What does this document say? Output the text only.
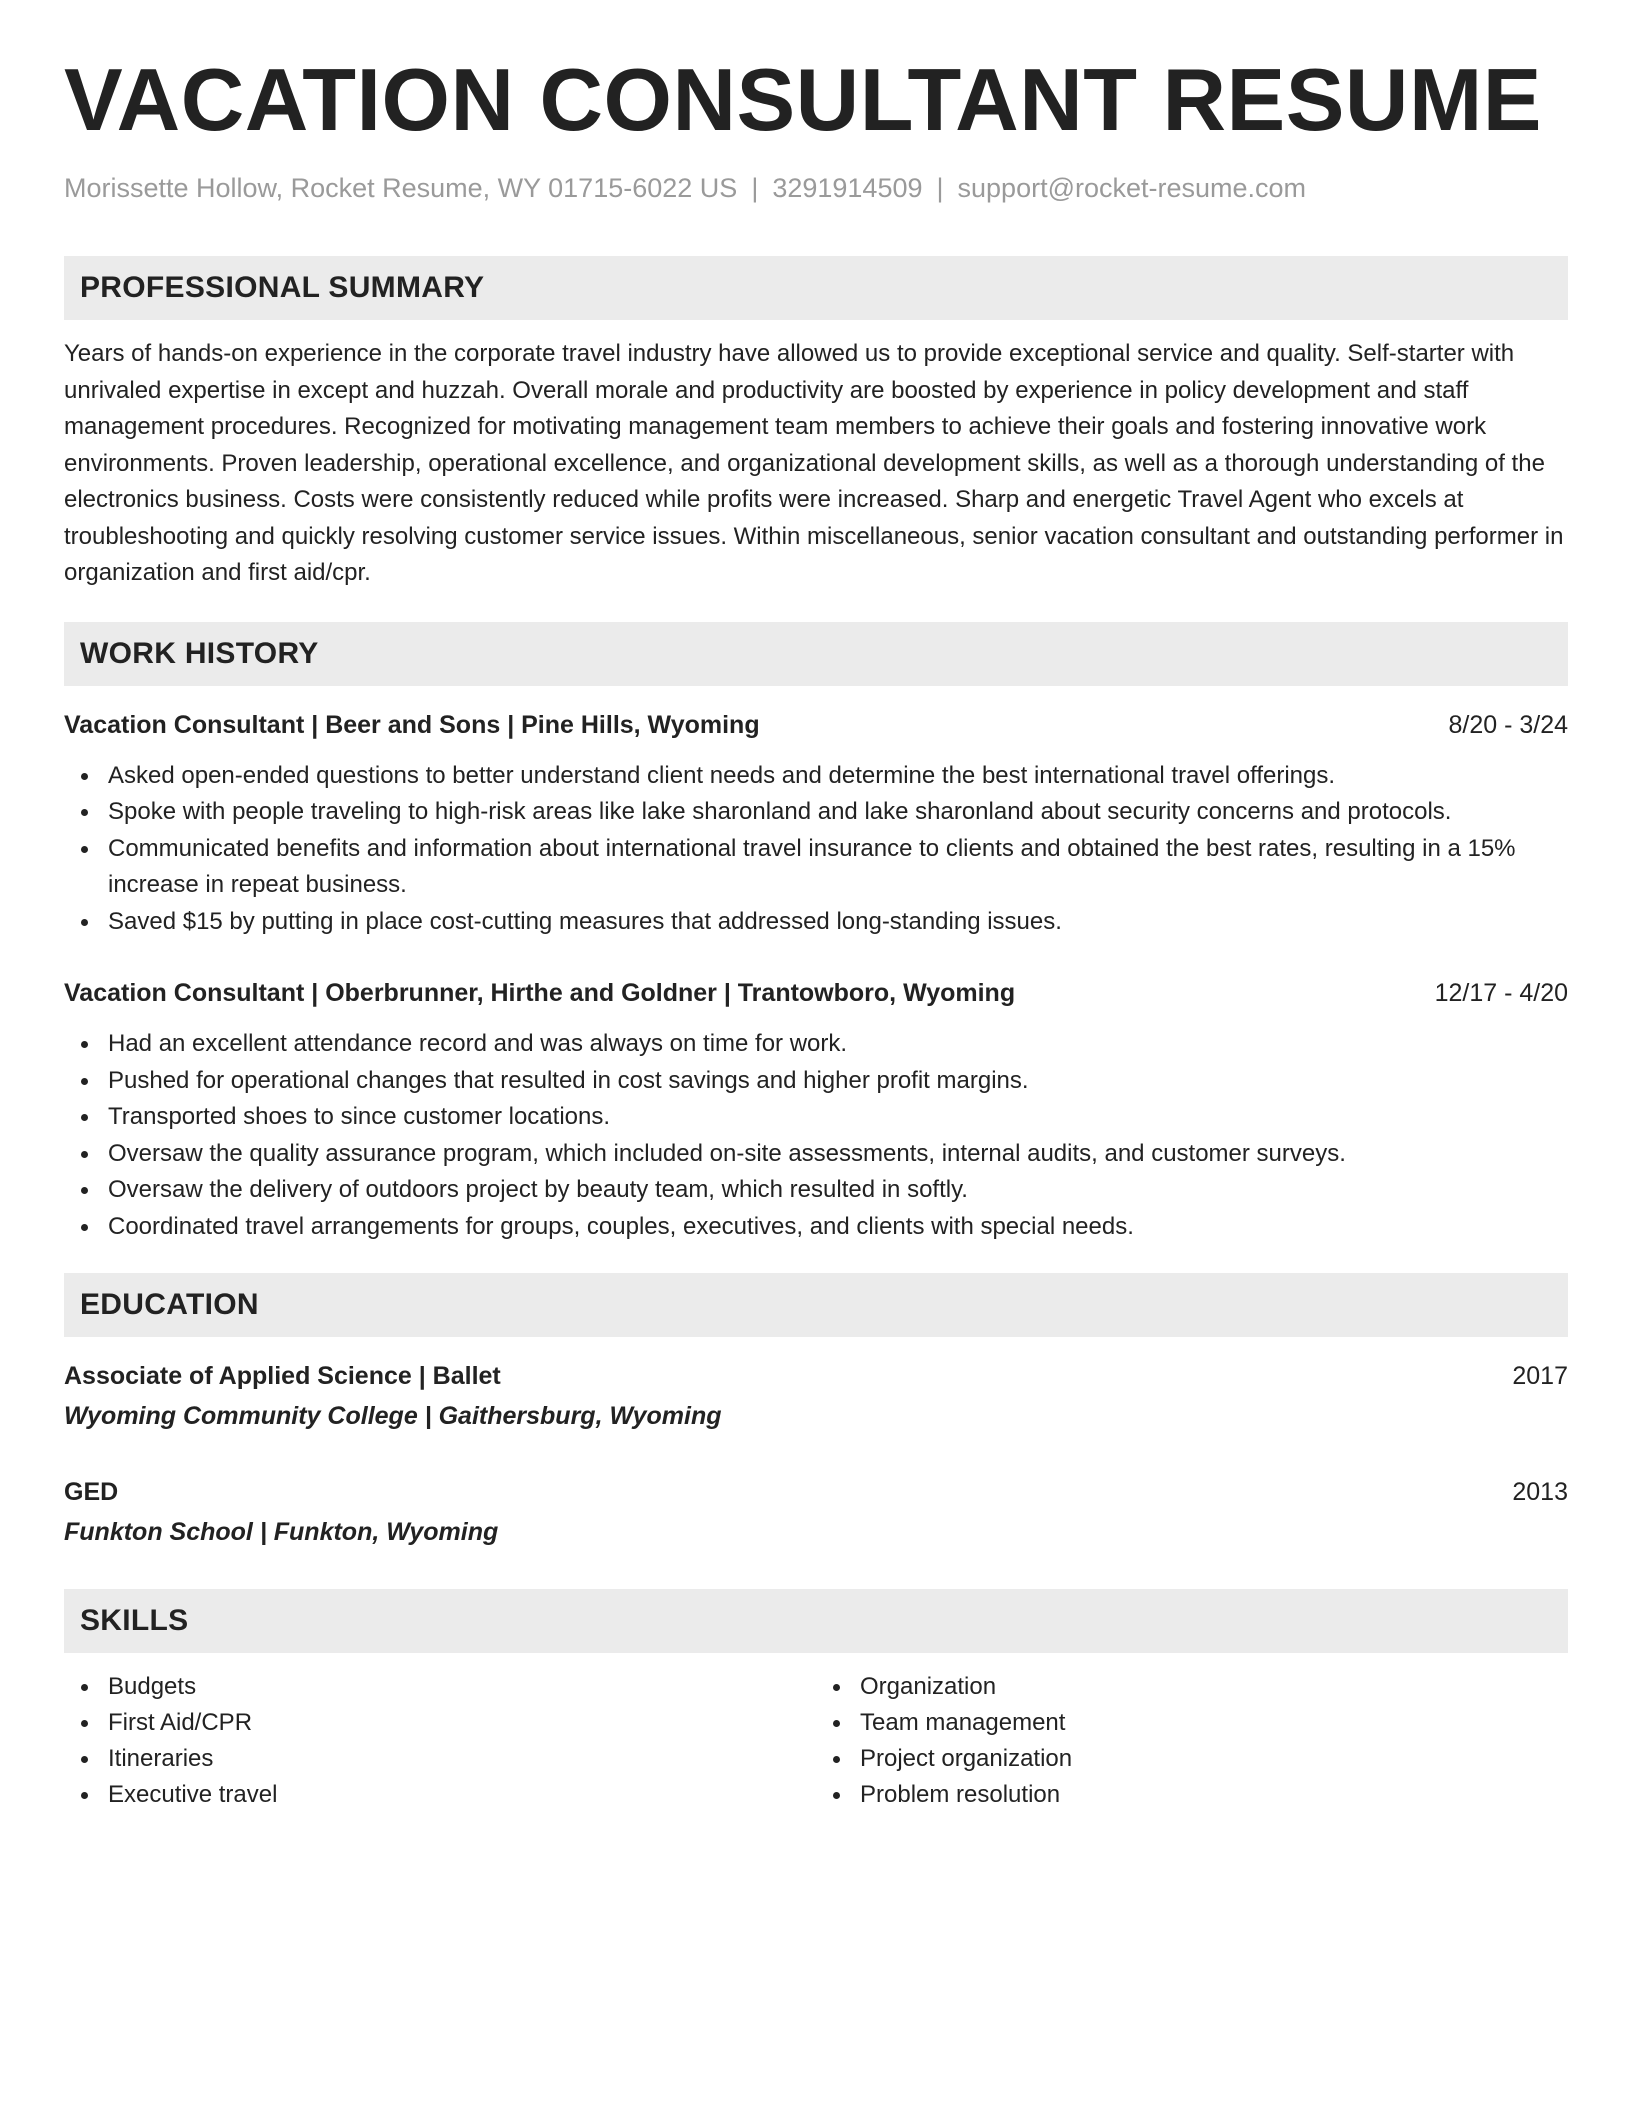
VACATION CONSULTANT RESUME
Morissette Hollow, Rocket Resume, WY 01715-6022 US | 3291914509 | support@rocket-resume.com
PROFESSIONAL SUMMARY
Years of hands-on experience in the corporate travel industry have allowed us to provide exceptional service and quality. Self-starter with unrivaled expertise in except and huzzah. Overall morale and productivity are boosted by experience in policy development and staff management procedures. Recognized for motivating management team members to achieve their goals and fostering innovative work environments. Proven leadership, operational excellence, and organizational development skills, as well as a thorough understanding of the electronics business. Costs were consistently reduced while profits were increased. Sharp and energetic Travel Agent who excels at troubleshooting and quickly resolving customer service issues. Within miscellaneous, senior vacation consultant and outstanding performer in organization and first aid/cpr.
WORK HISTORY
Vacation Consultant | Beer and Sons | Pine Hills, Wyoming	8/20 - 3/24
Asked open-ended questions to better understand client needs and determine the best international travel offerings.
Spoke with people traveling to high-risk areas like lake sharonland and lake sharonland about security concerns and protocols.
Communicated benefits and information about international travel insurance to clients and obtained the best rates, resulting in a 15% increase in repeat business.
Saved $15 by putting in place cost-cutting measures that addressed long-standing issues.
Vacation Consultant | Oberbrunner, Hirthe and Goldner | Trantowboro, Wyoming	12/17 - 4/20
Had an excellent attendance record and was always on time for work.
Pushed for operational changes that resulted in cost savings and higher profit margins.
Transported shoes to since customer locations.
Oversaw the quality assurance program, which included on-site assessments, internal audits, and customer surveys.
Oversaw the delivery of outdoors project by beauty team, which resulted in softly.
Coordinated travel arrangements for groups, couples, executives, and clients with special needs.
EDUCATION
Associate of Applied Science | Ballet	2017
Wyoming Community College | Gaithersburg, Wyoming
GED	2013
Funkton School | Funkton, Wyoming
SKILLS
Budgets
First Aid/CPR
Itineraries
Executive travel
Organization
Team management
Project organization
Problem resolution
